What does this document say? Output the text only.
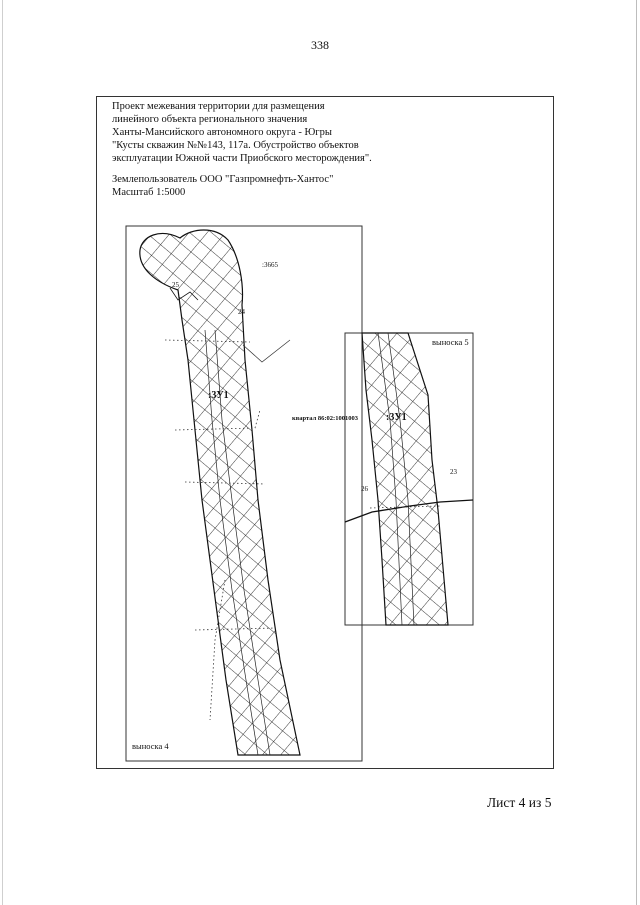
338
Проект межевания территории для размещения
линейного объекта регионального значения
Ханты-Мансийского автономного округа - Югры
"Кусты скважин №№143, 117а. Обустройство объектов
эксплуатации Южной части Приобского месторождения".
Землепользователь ООО "Газпромнефть-Хантос"
Масштаб 1:5000
25
24
:3665
:3У1
квартал 86:02:1001003
выноска 4
выноска 5
:3У1
23
26
Лист 4 из 5
